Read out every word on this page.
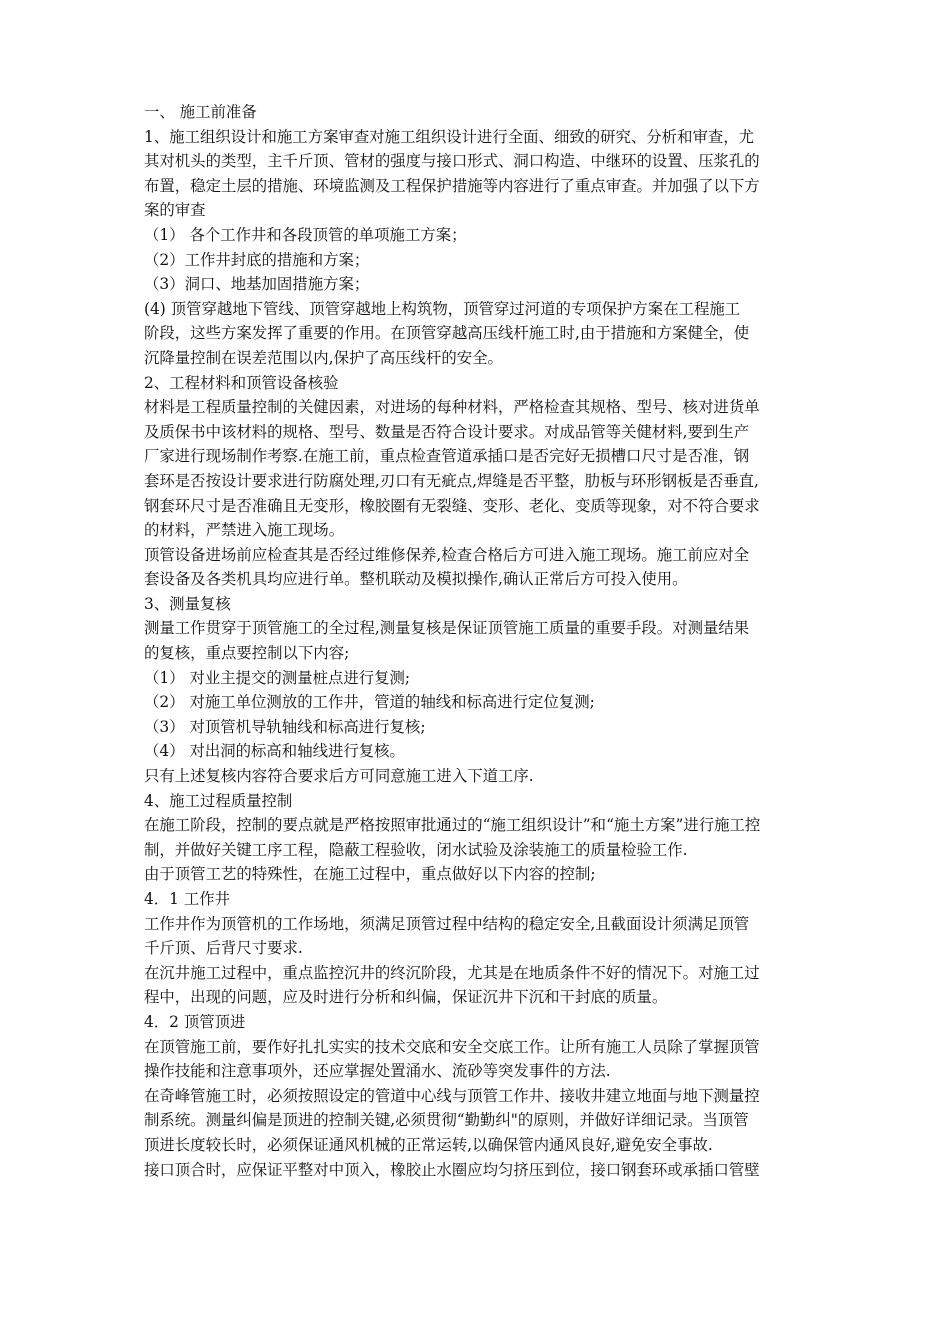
一、 施工前准备
1、施工组织设计和施工方案审查对施工组织设计进行全面、细致的研究、分析和审查，尤
其对机头的类型，主千斤顶、管材的强度与接口形式、洞口构造、中继环的设置、压浆孔的
布置，稳定土层的措施、环境监测及工程保护措施等内容进行了重点审查。并加强了以下方
案的审查
（1） 各个工作井和各段顶管的单项施工方案；
（2）工作井封底的措施和方案；
（3）洞口、地基加固措施方案；
(4) 顶管穿越地下管线、顶管穿越地上构筑物，顶管穿过河道的专项保护方案在工程施工
阶段，这些方案发挥了重要的作用。在顶管穿越高压线杆施工时,由于措施和方案健全，使
沉降量控制在误差范围以内,保护了高压线杆的安全。
2、工程材料和顶管设备核验
材料是工程质量控制的关健因素，对进场的每种材料，严格检查其规格、型号、核对进货单
及质保书中该材料的规格、型号、数量是否符合设计要求。对成品管等关健材料,要到生产
厂家进行现场制作考察.在施工前，重点检查管道承插口是否完好无损槽口尺寸是否准，钢
套环是否按设计要求进行防腐处理,刃口有无疵点,焊缝是否平整，肋板与环形钢板是否垂直,
钢套环尺寸是否准确且无变形，橡胶圈有无裂缝、变形、老化、变质等现象，对不符合要求
的材料，严禁进入施工现场。
顶管设备进场前应检查其是否经过维修保养,检查合格后方可进入施工现场。施工前应对全
套设备及各类机具均应进行单。整机联动及模拟操作,确认正常后方可投入使用。
3、测量复核
测量工作贯穿于顶管施工的全过程,测量复核是保证顶管施工质量的重要手段。对测量结果
的复核，重点要控制以下内容;
（1） 对业主提交的测量桩点进行复测;
（2） 对施工单位测放的工作井，管道的轴线和标高进行定位复测;
（3） 对顶管机导轨轴线和标高进行复核;
（4） 对出洞的标高和轴线进行复核。
只有上述复核内容符合要求后方可同意施工进入下道工序.
4、施工过程质量控制
在施工阶段，控制的要点就是严格按照审批通过的“施工组织设计”和“施土方案”进行施工控
制，并做好关键工序工程，隐蔽工程验收，闭水试验及涂装施工的质量检验工作.
由于顶管工艺的特殊性，在施工过程中，重点做好以下内容的控制;
4．1 工作井
工作井作为顶管机的工作场地，须满足顶管过程中结构的稳定安全,且截面设计须满足顶管
千斤顶、后背尺寸要求.
在沉井施工过程中，重点监控沉井的终沉阶段，尤其是在地质条件不好的情况下。对施工过
程中，出现的问题，应及时进行分析和纠偏，保证沉井下沉和干封底的质量。
4．2 顶管顶进
在顶管施工前，要作好扎扎实实的技术交底和安全交底工作。让所有施工人员除了掌握顶管
操作技能和注意事项外，还应掌握处置涌水、流砂等突发事件的方法.
在奇峰管施工时，必须按照设定的管道中心线与顶管工作井、接收井建立地面与地下测量控
制系统。测量纠偏是顶进的控制关键,必须贯彻“勤勤纠"的原则，并做好详细记录。当顶管
顶进长度较长时，必须保证通风机械的正常运转,以确保管内通风良好,避免安全事故.
接口顶合时，应保证平整对中顶入，橡胶止水圈应均匀挤压到位，接口钢套环或承插口管壁
